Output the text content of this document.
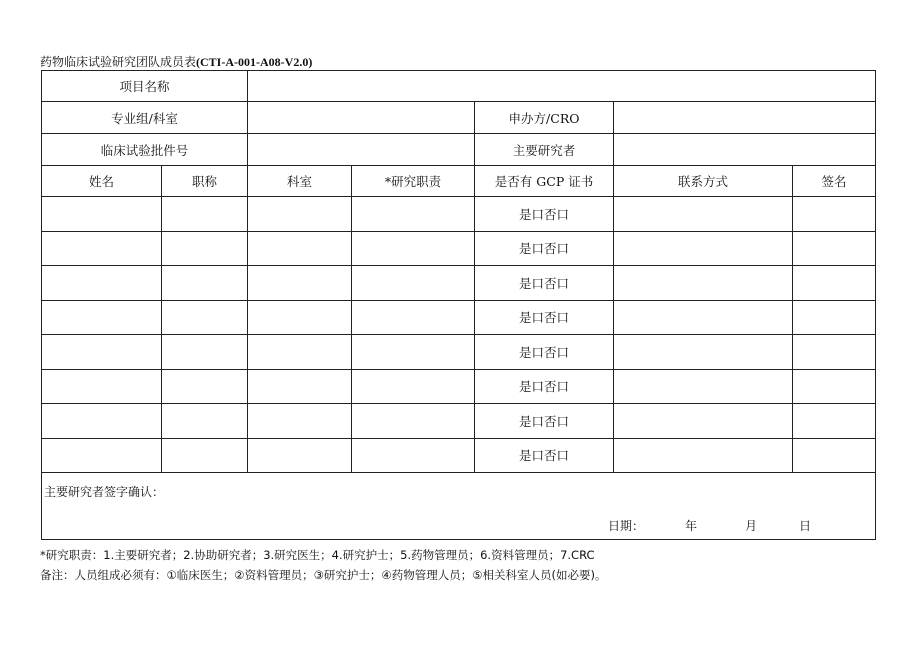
药物临床试验研究团队成员表(CTI-A-001-A08-V2.0)
项目名称						
专业组/科室				申办方/CRO		
临床试验批件号				主要研究者		
姓名	职称	科室	*研究职责	是否有 GCP 证书	联系方式	签名
				是口否口		
				是口否口		
				是口否口		
				是口否口		
				是口否口		
				是口否口		
				是口否口		
				是口否口		

主要研究者签字确认：
日期： 年 月 日						
*研究职责：1.主要研究者；2.协助研究者；3.研究医生；4.研究护士；5.药物管理员；6.资料管理员；7.CRC
备注：人员组成必须有：①临床医生；②资料管理员；③研究护士；④药物管理人员；⑤相关科室人员(如必要)。
